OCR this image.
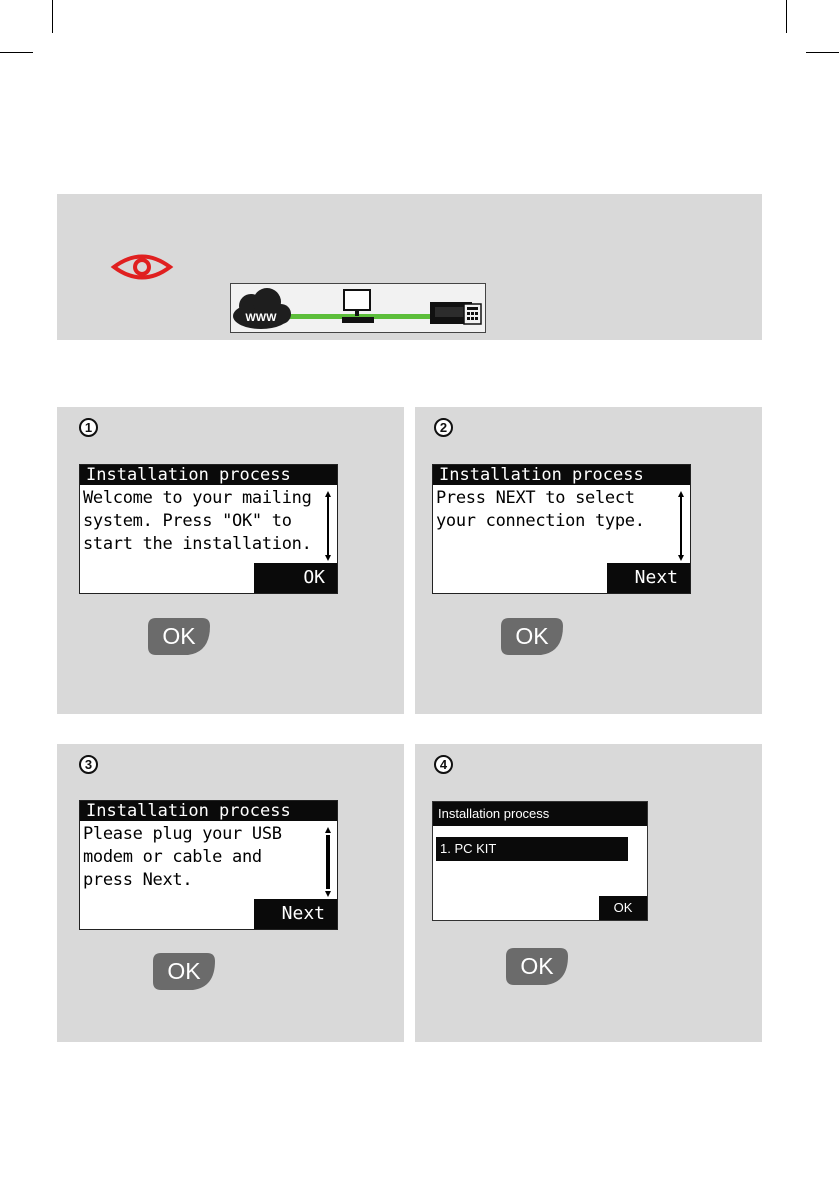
WWW
1
Installation process
Welcome to your mailing
system. Press "OK" to
start the installation.
OK
OK
2
Installation process
Press NEXT to select
your connection type.
Next
OK
3
Installation process
Please plug your USB
modem or cable and
press Next.
Next
OK
4
Installation process
1. PC KIT
OK
OK
